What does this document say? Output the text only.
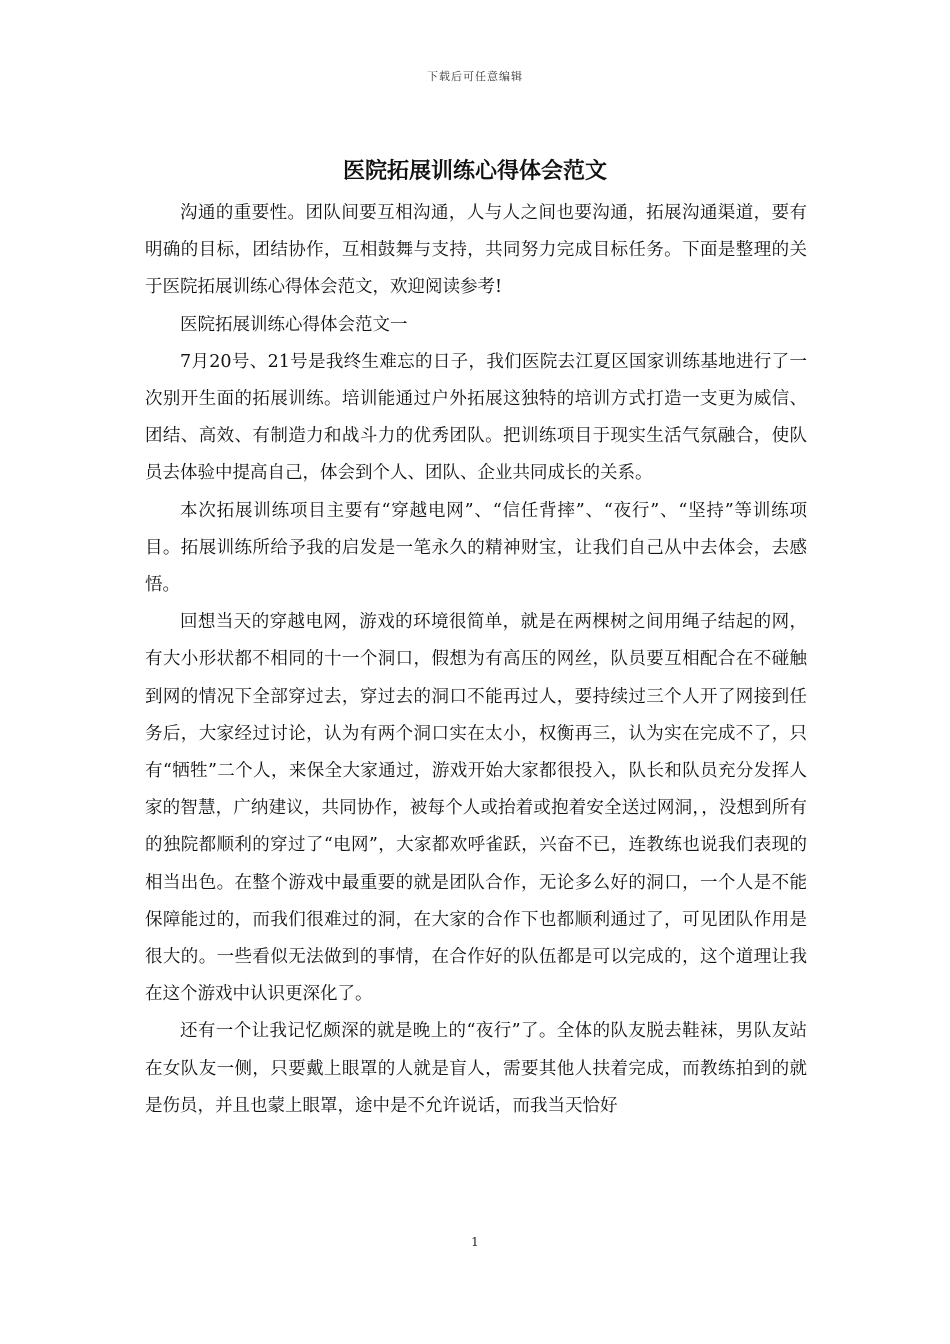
下载后可任意编辑
医院拓展训练心得体会范文

沟通的重要性。团队间要互相沟通，人与人之间也要沟通，拓展沟通渠道，要有明确的目标，团结协作，互相鼓舞与支持，共同努力完成目标任务。下面是整理的关于医院拓展训练心得体会范文，欢迎阅读参考!

医院拓展训练心得体会范文一

7月20号、21号是我终生难忘的日子，我们医院去江夏区国家训练基地进行了一次别开生面的拓展训练。培训能通过户外拓展这独特的培训方式打造一支更为威信、团结、高效、有制造力和战斗力的优秀团队。把训练项目于现实生活气氛融合，使队员去体验中提高自己，体会到个人、团队、企业共同成长的关系。

本次拓展训练项目主要有“穿越电网”、“信任背摔”、“夜行”、“坚持”等训练项目。拓展训练所给予我的启发是一笔永久的精神财宝，让我们自己从中去体会，去感悟。

回想当天的穿越电网，游戏的环境很简单，就是在两棵树之间用绳子结起的网，有大小形状都不相同的十一个洞口，假想为有高压的网丝，队员要互相配合在不碰触到网的情况下全部穿过去，穿过去的洞口不能再过人，要持续过三个人开了网接到任务后，大家经过讨论，认为有两个洞口实在太小，权衡再三，认为实在完成不了，只有“牺牲”二个人，来保全大家通过，游戏开始大家都很投入，队长和队员充分发挥人家的智慧，广纳建议，共同协作，被每个人或抬着或抱着安全送过网洞，，没想到所有的独院都顺利的穿过了“电网”，大家都欢呼雀跃，兴奋不已，连教练也说我们表现的相当出色。在整个游戏中最重要的就是团队合作，无论多么好的洞口，一个人是不能保障能过的，而我们很难过的洞，在大家的合作下也都顺利通过了，可见团队作用是很大的。一些看似无法做到的事情，在合作好的队伍都是可以完成的，这个道理让我在这个游戏中认识更深化了。

还有一个让我记忆颇深的就是晚上的“夜行”了。全体的队友脱去鞋袜，男队友站在女队友一侧，只要戴上眼罩的人就是盲人，需要其他人扶着完成，而教练拍到的就是伤员，并且也蒙上眼罩，途中是不允许说话，而我当天恰好

1
